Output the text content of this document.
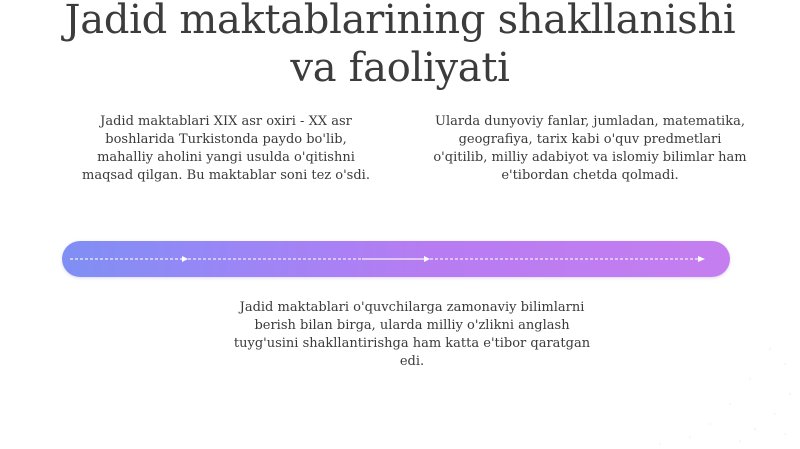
Jadid maktablarining shakllanishi
va faoliyati
Jadid maktablari XIX asr oxiri - XX asr boshlarida Turkistonda paydo bo'lib, mahalliy aholini yangi usulda o'qitishni maqsad qilgan. Bu maktablar soni tez o'sdi.
Ularda dunyoviy fanlar, jumladan, matematika, geografiya, tarix kabi o'quv predmetlari o'qitilib, milliy adabiyot va islomiy bilimlar ham e'tibordan chetda qolmadi.
Jadid maktablari o'quvchilarga zamonaviy bilimlarni berish bilan birga, ularda milliy o'zlikni anglash tuyg'usini shakllantirishga ham katta e'tibor qaratgan edi.
